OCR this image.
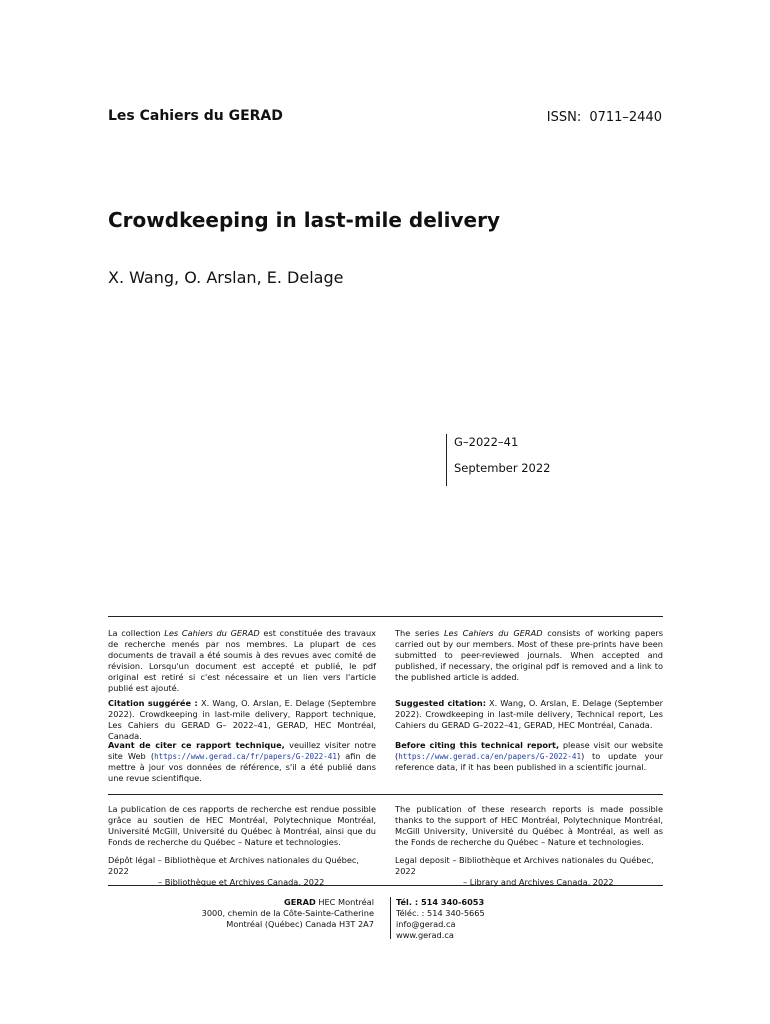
Les Cahiers du GERAD	ISSN: 0711–2440
Crowdkeeping in last-mile delivery
X. Wang, O. Arslan, E. Delage
G–2022–41
September 2022

La collection Les Cahiers du GERAD est constituée des travaux de recherche menés par nos membres. La plupart de ces documents de travail a été soumis à des revues avec comité de révision. Lorsqu'un document est accepté et publié, le pdf original est retiré si c'est nécessaire et un lien vers l'article publié est ajouté.

Citation suggérée : X. Wang, O. Arslan, E. Delage (Septembre 2022). Crowdkeeping in last-mile delivery, Rapport technique, Les Cahiers du GERAD G– 2022–41, GERAD, HEC Montréal, Canada.

Avant de citer ce rapport technique, veuillez visiter notre site Web (https://www.gerad.ca/fr/papers/G-2022-41) afin de mettre à jour vos données de référence, s'il a été publié dans une revue scientifique.

The series Les Cahiers du GERAD consists of working papers carried out by our members. Most of these pre-prints have been submitted to peer-reviewed journals. When accepted and published, if necessary, the original pdf is removed and a link to the published article is added.

Suggested citation: X. Wang, O. Arslan, E. Delage (September 2022). Crowdkeeping in last-mile delivery, Technical report, Les Cahiers du GERAD G–2022–41, GERAD, HEC Montréal, Canada.

Before citing this technical report, please visit our website (https://www.gerad.ca/en/papers/G-2022-41) to update your reference data, if it has been published in a scientific journal.

La publication de ces rapports de recherche est rendue possible grâce au soutien de HEC Montréal, Polytechnique Montréal, Université McGill, Université du Québec à Montréal, ainsi que du Fonds de recherche du Québec – Nature et technologies.
Dépôt légal – Bibliothèque et Archives nationales du Québec, 2022
– Bibliothèque et Archives Canada, 2022
The publication of these research reports is made possible thanks to the support of HEC Montréal, Polytechnique Montréal, McGill University, Université du Québec à Montréal, as well as the Fonds de recherche du Québec – Nature et technologies.
Legal deposit – Bibliothèque et Archives nationales du Québec, 2022
– Library and Archives Canada, 2022
GERAD HEC Montréal
3000, chemin de la Côte-Sainte-Catherine
Montréal (Québec) Canada H3T 2A7
Tél. : 514 340-6053
Téléc. : 514 340-5665
info@gerad.ca
www.gerad.ca
